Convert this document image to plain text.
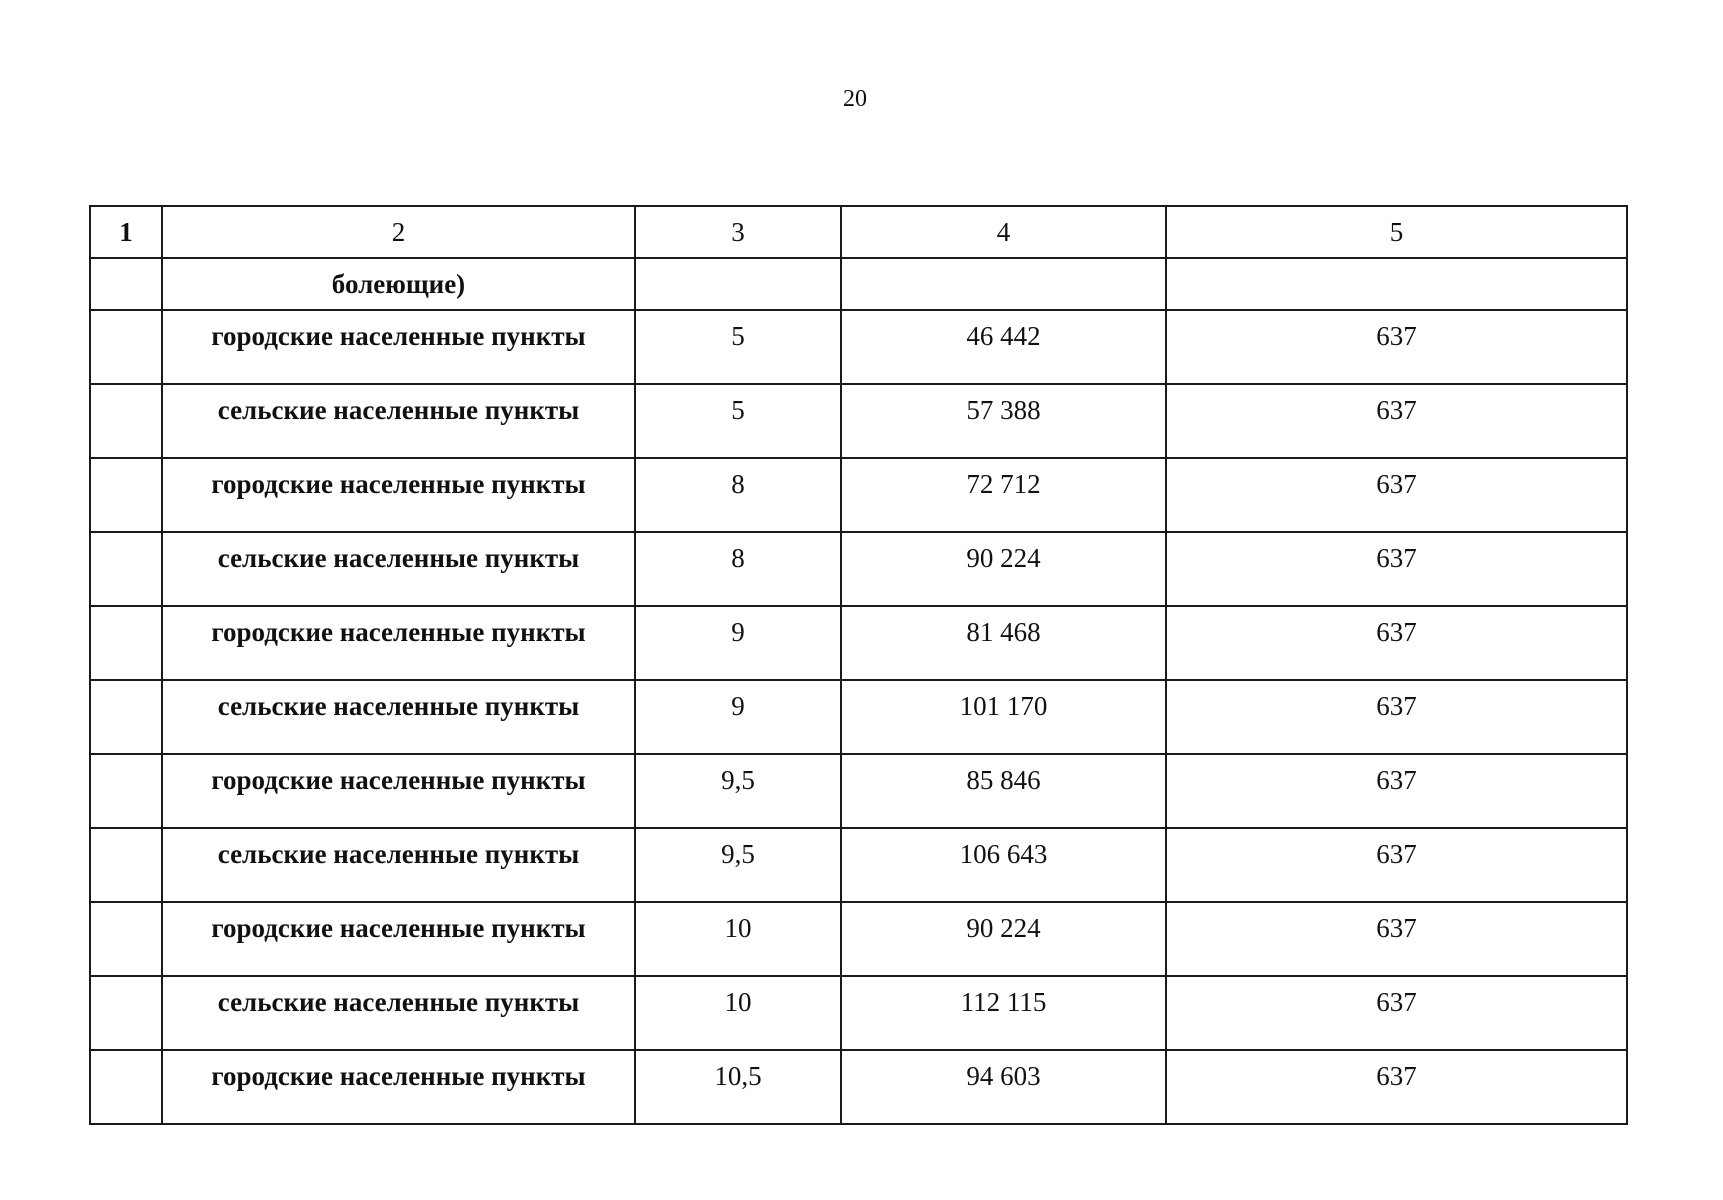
20
1	2	3	4	5
	болеющие)			
	городские населенные пункты	5	46 442	637
	сельские населенные пункты	5	57 388	637
	городские населенные пункты	8	72 712	637
	сельские населенные пункты	8	90 224	637
	городские населенные пункты	9	81 468	637
	сельские населенные пункты	9	101 170	637
	городские населенные пункты	9,5	85 846	637
	сельские населенные пункты	9,5	106 643	637
	городские населенные пункты	10	90 224	637
	сельские населенные пункты	10	112 115	637
	городские населенные пункты	10,5	94 603	637
